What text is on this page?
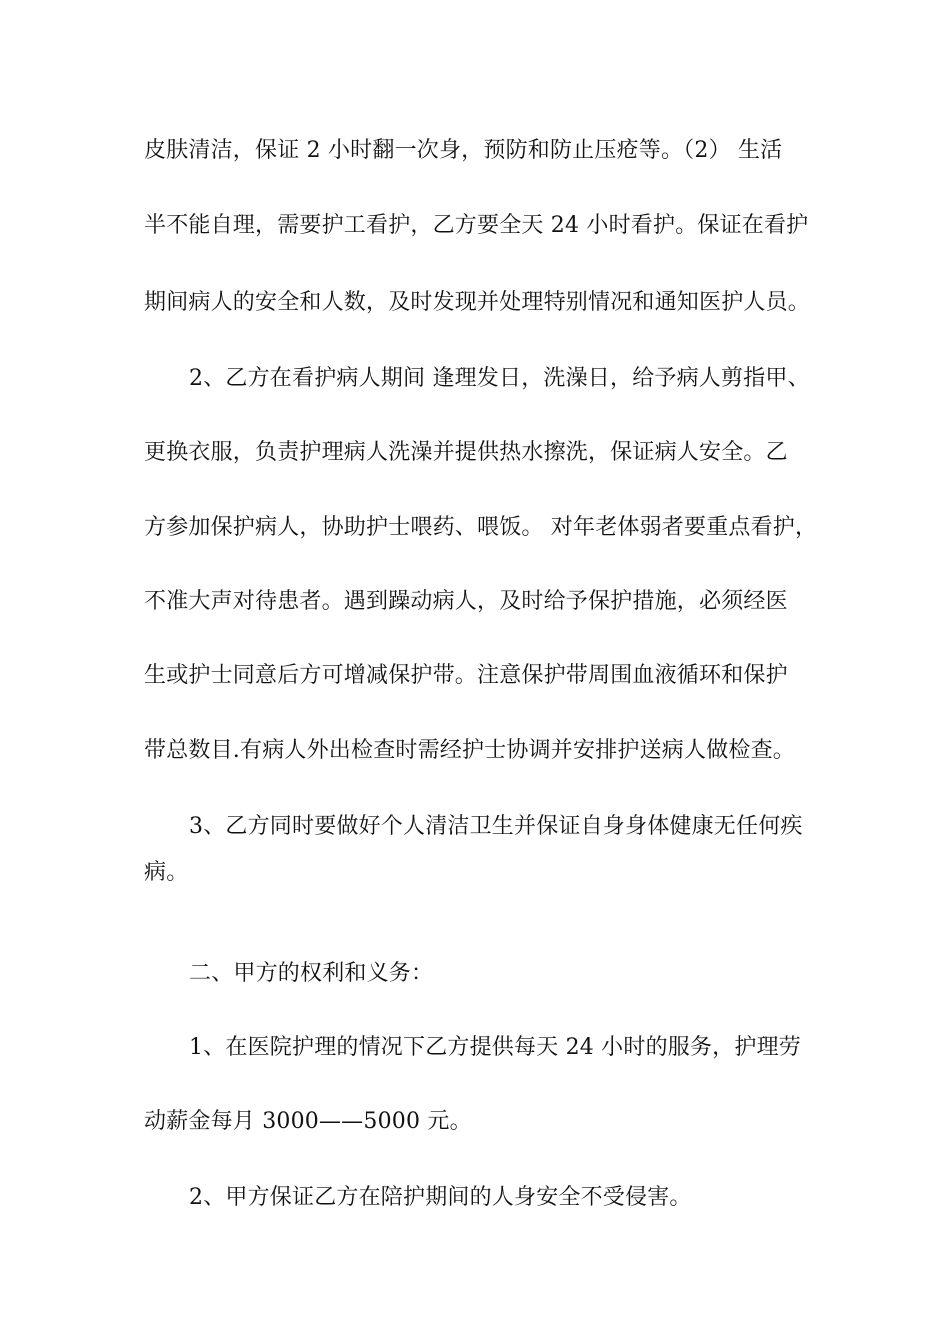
皮肤清洁，保证 2 小时翻一次身，预防和防止压疮等。（2） 生活
半不能自理，需要护工看护，乙方要全天 24 小时看护。保证在看护
期间病人的安全和人数，及时发现并处理特别情况和通知医护人员。
2、乙方在看护病人期间 逢理发日，洗澡日，给予病人剪指甲、
更换衣服，负责护理病人洗澡并提供热水擦洗，保证病人安全。乙
方参加保护病人，协助护士喂药、喂饭。 对年老体弱者要重点看护，
不准大声对待患者。遇到躁动病人，及时给予保护措施，必须经医
生或护士同意后方可增减保护带。注意保护带周围血液循环和保护
带总数目.有病人外出检查时需经护士协调并安排护送病人做检查。
3、乙方同时要做好个人清洁卫生并保证自身身体健康无任何疾
病。
二、甲方的权利和义务：
1、在医院护理的情况下乙方提供每天 24 小时的服务，护理劳
动薪金每月 3000——5000 元。
2、甲方保证乙方在陪护期间的人身安全不受侵害。
